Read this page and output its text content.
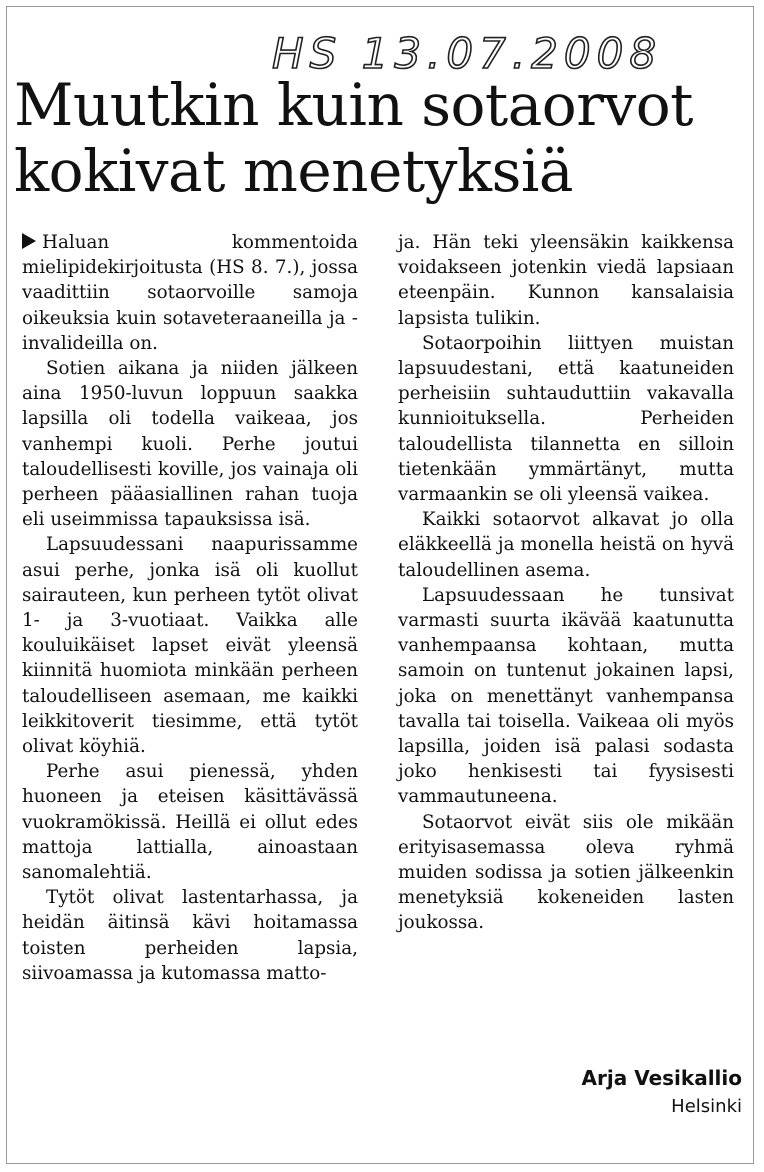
HS 13.07.2008
Muutkin kuin sotaorvot
kokivat menetyksiä

Haluan kommentoida mielipidekirjoitusta (HS 8. 7.), jossa vaadittiin sotaorvoille samoja oikeuksia kuin sotaveteraaneilla ja -invalideilla on.

Sotien aikana ja niiden jälkeen aina 1950-luvun loppuun saakka lapsilla oli todella vaikeaa, jos vanhempi kuoli. Perhe joutui taloudellisesti koville, jos vainaja oli perheen pääasiallinen rahan tuoja eli useimmissa tapauksissa isä.

Lapsuudessani naapurissamme asui perhe, jonka isä oli kuollut sairauteen, kun perheen tytöt olivat 1- ja 3-vuotiaat. Vaikka alle kouluikäiset lapset eivät yleensä kiinnitä huomiota minkään perheen taloudelliseen asemaan, me kaikki leikkitoverit tiesimme, että tytöt olivat köyhiä.

Perhe asui pienessä, yhden huoneen ja eteisen käsittävässä vuokramökissä. Heillä ei ollut edes mattoja lattialla, ainoastaan sanomalehtiä.

Tytöt olivat lastentarhassa, ja heidän äitinsä kävi hoitamassa toisten perheiden lapsia, siivoamassa ja kutomassa matto-

ja. Hän teki yleensäkin kaikkensa voidakseen jotenkin viedä lapsiaan eteenpäin. Kunnon kansalaisia lapsista tulikin.

Sotaorpoihin liittyen muistan lapsuudestani, että kaatuneiden perheisiin suhtauduttiin vakavalla kunnioituksella. Perheiden taloudellista tilannetta en silloin tietenkään ymmärtänyt, mutta varmaankin se oli yleensä vaikea.

Kaikki sotaorvot alkavat jo olla eläkkeellä ja monella heistä on hyvä taloudellinen asema.

Lapsuudessaan he tunsivat varmasti suurta ikävää kaatunutta vanhempaansa kohtaan, mutta samoin on tuntenut jokainen lapsi, joka on menettänyt vanhempansa tavalla tai toisella. Vaikeaa oli myös lapsilla, joiden isä palasi sodasta joko henkisesti tai fyysisesti vammautuneena.

Sotaorvot eivät siis ole mikään erityisasemassa oleva ryhmä muiden sodissa ja sotien jälkeenkin menetyksiä kokeneiden lasten joukossa.

Arja Vesikallio
Helsinki
